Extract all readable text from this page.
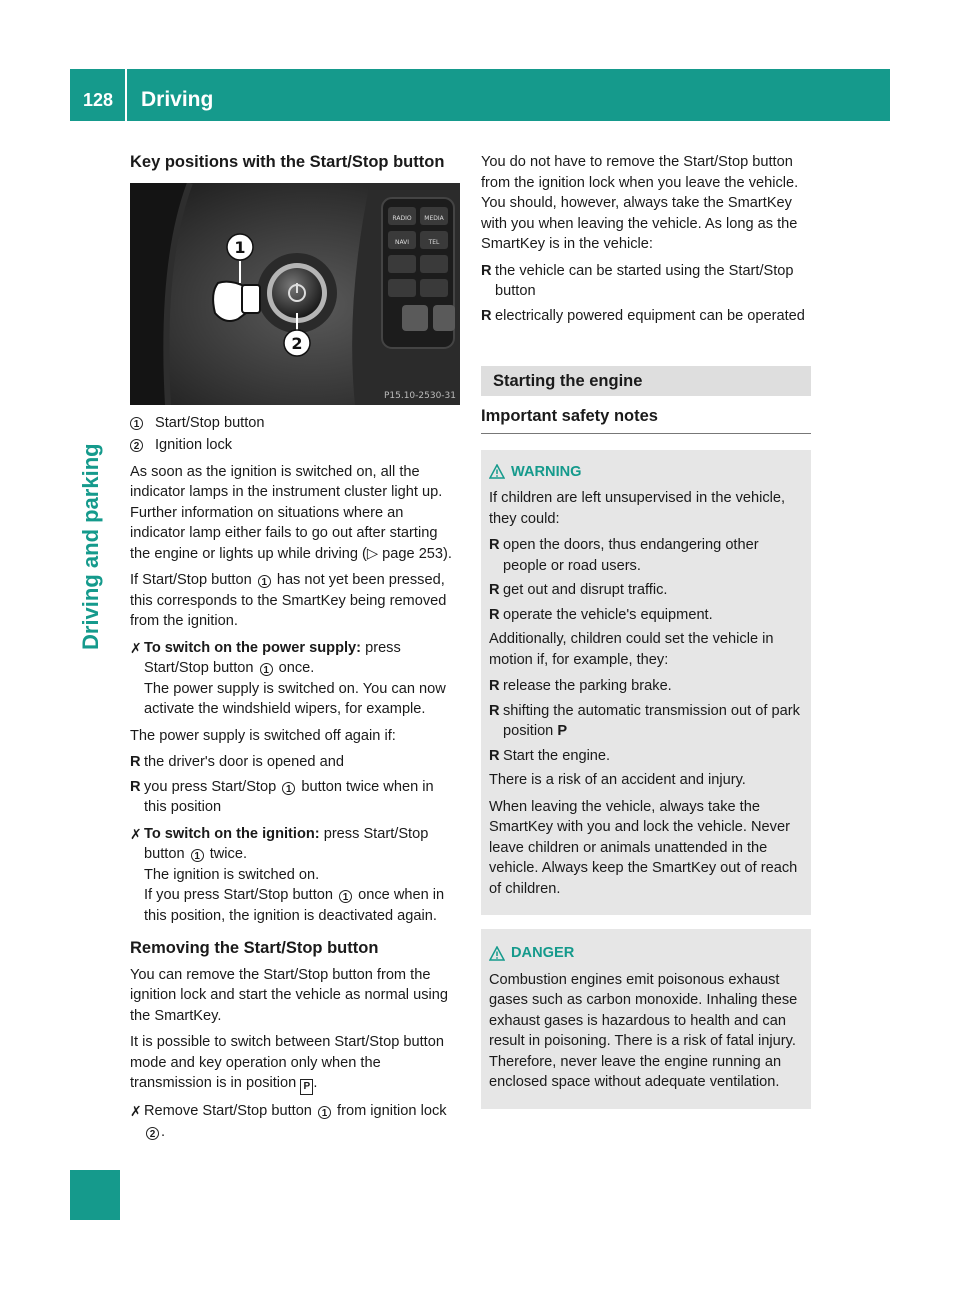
128 Driving
Driving and parking
Key positions with the Start/Stop button
RADIO MEDIA
NAVI	TEL
1
2
P15.10-2530-31
1 Start/Stop button
2 Ignition lock

As soon as the ignition is switched on, all the indicator lamps in the instrument cluster light up. Further information on situations where an indicator lamp either fails to go out after starting the engine or lights up while driving (▷ page 253).

If Start/Stop button 1 has not yet been pressed, this corresponds to the SmartKey being removed from the ignition.

✗ To switch on the power supply: press Start/Stop button 1 once.
The power supply is switched on. You can now activate the windshield wipers, for example.

The power supply is switched off again if:

R the driver's door is opened and
R you press Start/Stop 1 button twice when in this position
✗ To switch on the ignition: press Start/Stop button 1 twice.
The ignition is switched on.
If you press Start/Stop button 1 once when in this position, the ignition is deactivated again.
Removing the Start/Stop button

You can remove the Start/Stop button from the ignition lock and start the vehicle as normal using the SmartKey.

It is possible to switch between Start/Stop button mode and key operation only when the transmission is in position P .

✗ Remove Start/Stop button 1 from ignition lock 2 .

You do not have to remove the Start/Stop button from the ignition lock when you leave the vehicle. You should, however, always take the SmartKey with you when leaving the vehicle. As long as the SmartKey is in the vehicle:

R the vehicle can be started using the Start/Stop button
R electrically powered equipment can be operated
Starting the engine
Important safety notes
WARNING

If children are left unsupervised in the vehicle, they could:

R open the doors, thus endangering other people or road users.
R get out and disrupt traffic.
R operate the vehicle's equipment.

Additionally, children could set the vehicle in motion if, for example, they:

R release the parking brake.
R shifting the automatic transmission out of park position P
R Start the engine.

There is a risk of an accident and injury.

When leaving the vehicle, always take the SmartKey with you and lock the vehicle. Never leave children or animals unattended in the vehicle. Always keep the SmartKey out of reach of children.

DANGER

Combustion engines emit poisonous exhaust gases such as carbon monoxide. Inhaling these exhaust gases is hazardous to health and can result in poisoning. There is a risk of fatal injury. Therefore, never leave the engine running an enclosed space without adequate ventilation.
